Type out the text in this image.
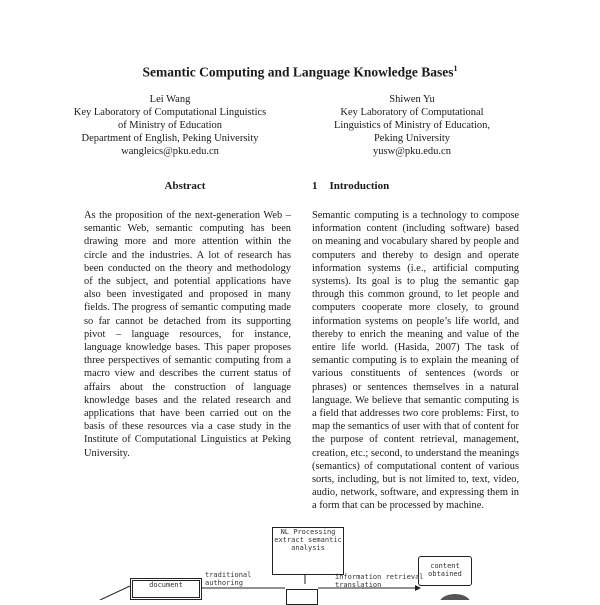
Semantic Computing and Language Knowledge Bases$^1$
Lei Wang
Key Laboratory of Computational Linguistics
of Ministry of Education
Department of English, Peking University
wangleics@pku.edu.cn
Shiwen Yu
Key Laboratory of Computational
Linguistics of Ministry of Education,
Peking University
yusw@pku.edu.cn
Abstract	1 Introduction

As the proposition of the next-generation Web – semantic Web, semantic computing has been drawing more and more attention within the circle and the industries. A lot of research has been conducted on the theory and methodology of the subject, and potential applications have also been investigated and proposed in many fields. The progress of semantic computing made so far cannot be detached from its supporting pivot – language resources, for instance, language knowledge bases. This paper proposes three perspectives of semantic computing from a macro view and describes the current status of affairs about the construction of language knowledge bases and the related research and applications that have been carried out on the basis of these resources via a case study in the Institute of Computational Linguistics at Peking University.

Semantic computing is a technology to compose information content (including software) based on meaning and vocabulary shared by people and computers and thereby to design and operate information systems (i.e., artificial computing systems). Its goal is to plug the semantic gap through this common ground, to let people and computers cooperate more closely, to ground information systems on people’s life world, and thereby to enrich the meaning and value of the entire life world. (Hasida, 2007) The task of semantic computing is to explain the meaning of various constituents of sentences (words or phrases) or sentences themselves in a natural language. We believe that semantic computing is a field that addresses two core problems: First, to map the semantics of user with that of content for the purpose of content retrieval, management, creation, etc.; second, to understand the meanings (semantics) of computational content of various sorts, including, but is not limited to, text, video, audio, network, software, and expressing them in a form that can be processed by machine.

NL Processing
extract semantic
analysis
document
content
obtained
traditional
authoring
information retrieval
translation
